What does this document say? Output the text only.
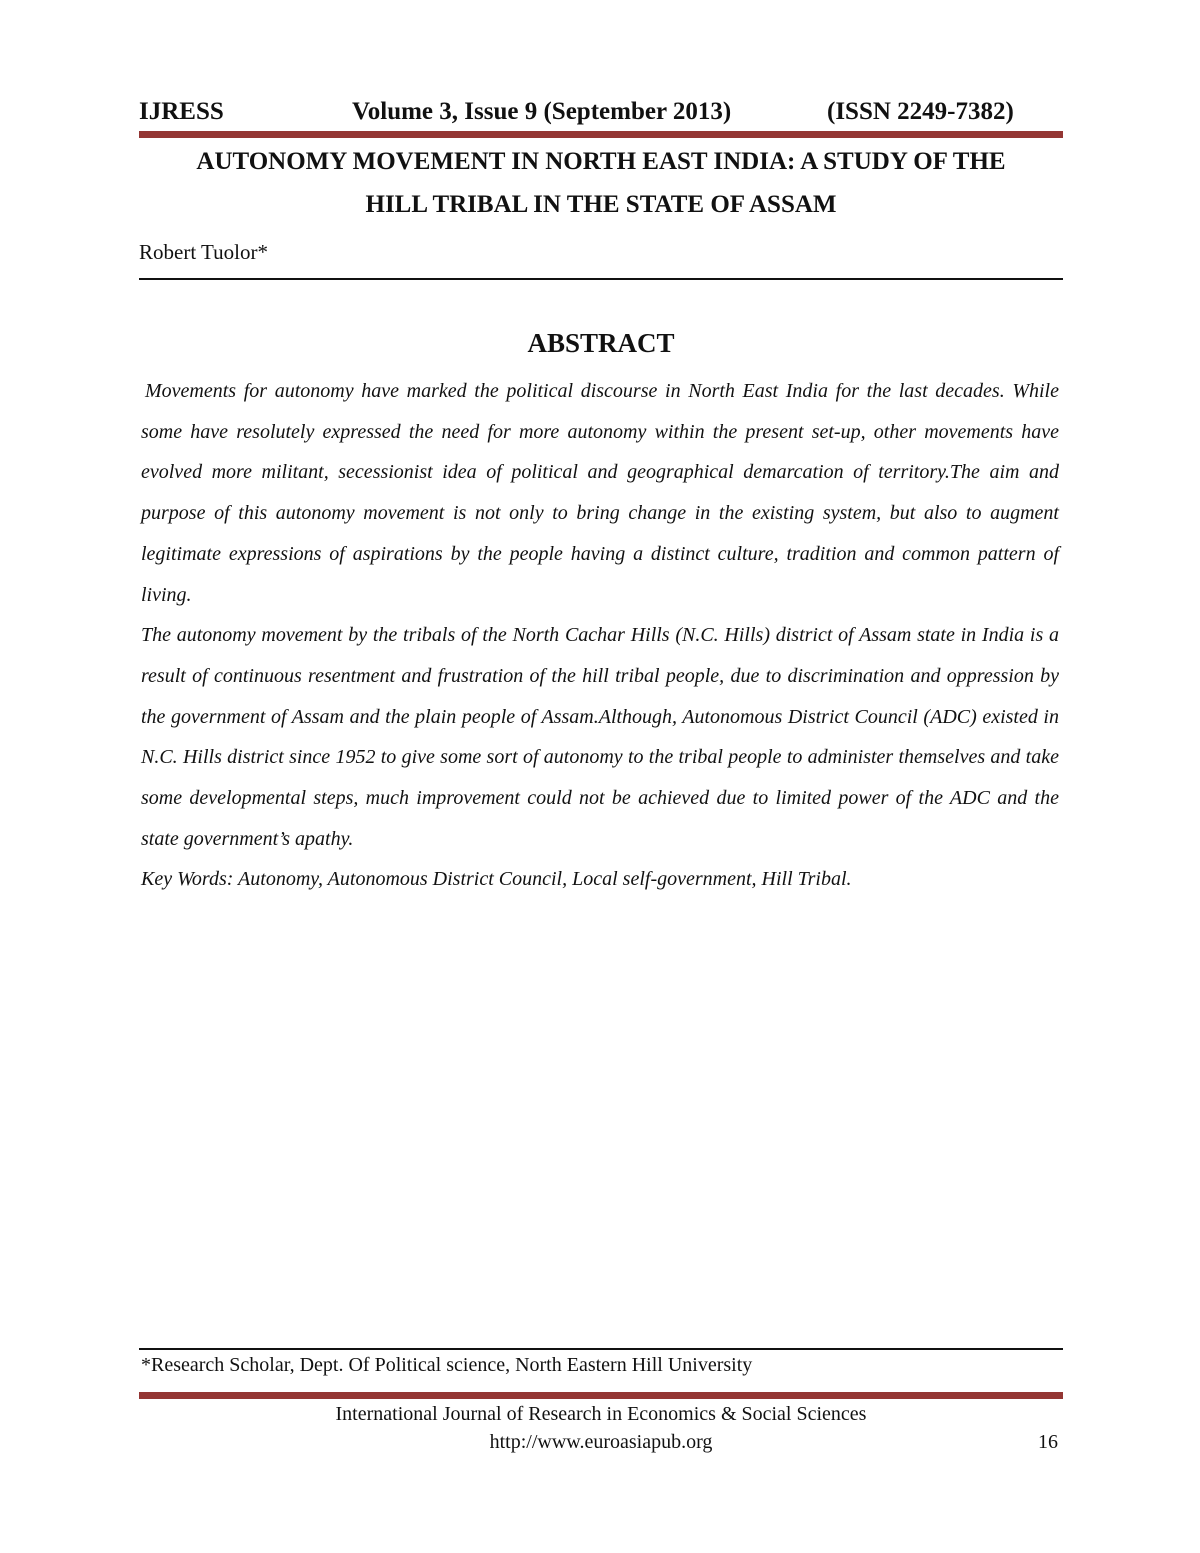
IJRESS	Volume 3, Issue 9 (September 2013)	(ISSN 2249-7382)
AUTONOMY MOVEMENT IN NORTH EAST INDIA: A STUDY OF THE
HILL TRIBAL IN THE STATE OF ASSAM

Robert Tuolor*

ABSTRACT

Movements for autonomy have marked the political discourse in North East India for the last decades. While some have resolutely expressed the need for more autonomy within the present set-up, other movements have evolved more militant, secessionist idea of political and geographical demarcation of territory.The aim and purpose of this autonomy movement is not only to bring change in the existing system, but also to augment legitimate expressions of aspirations by the people having a distinct culture, tradition and common pattern of living.

The autonomy movement by the tribals of the North Cachar Hills (N.C. Hills) district of Assam state in India is a result of continuous resentment and frustration of the hill tribal people, due to discrimination and oppression by the government of Assam and the plain people of Assam.Although, Autonomous District Council (ADC) existed in N.C. Hills district since 1952 to give some sort of autonomy to the tribal people to administer themselves and take some developmental steps, much improvement could not be achieved due to limited power of the ADC and the state government’s apathy.

Key Words: Autonomy, Autonomous District Council, Local self-government, Hill Tribal.

*Research Scholar, Dept. Of Political science, North Eastern Hill University

International Journal of Research in Economics & Social Sciences

http://www.euroasiapub.org	16
